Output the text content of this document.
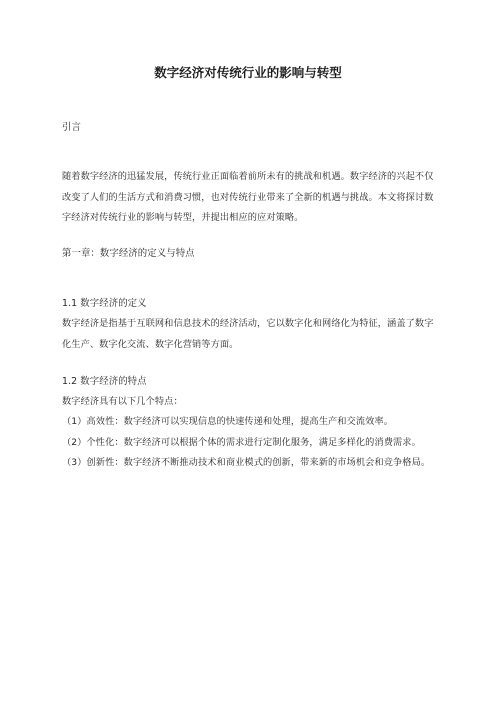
数字经济对传统行业的影响与转型
引言
随着数字经济的迅猛发展，传统行业正面临着前所未有的挑战和机遇。数字经济的兴起不仅改变了人们的生活方式和消费习惯，也对传统行业带来了全新的机遇与挑战。本文将探讨数字经济对传统行业的影响与转型，并提出相应的应对策略。
第一章：数字经济的定义与特点
1.1 数字经济的定义
数字经济是指基于互联网和信息技术的经济活动，它以数字化和网络化为特征，涵盖了数字化生产、数字化交流、数字化营销等方面。
1.2 数字经济的特点
数字经济具有以下几个特点：
（1）高效性：数字经济可以实现信息的快速传递和处理，提高生产和交流效率。
（2）个性化：数字经济可以根据个体的需求进行定制化服务，满足多样化的消费需求。
（3）创新性：数字经济不断推动技术和商业模式的创新，带来新的市场机会和竞争格局。
